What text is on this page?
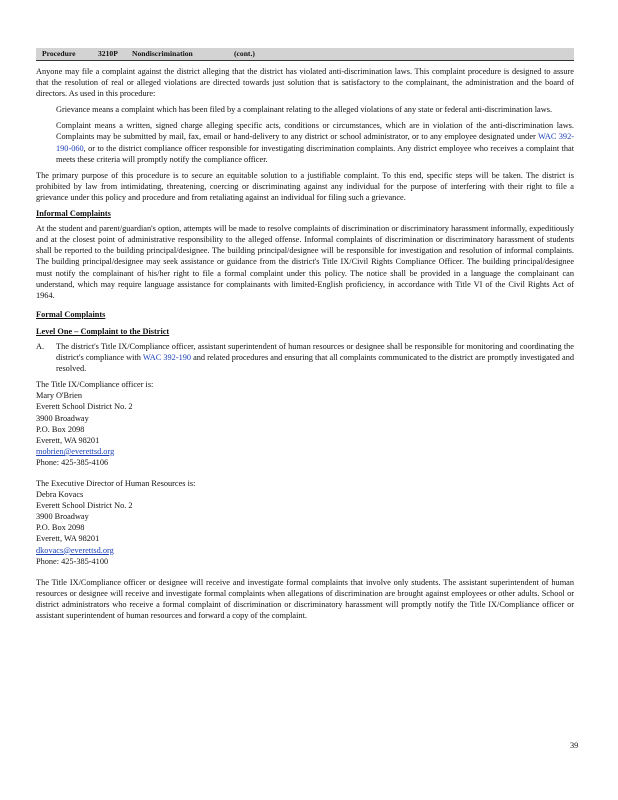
Procedure	3210P Nondiscrimination	(cont.)

Anyone may file a complaint against the district alleging that the district has violated anti-discrimination laws. This complaint procedure is designed to assure that the resolution of real or alleged violations are directed towards just solution that is satisfactory to the complainant, the administration and the board of directors. As used in this procedure:

Grievance means a complaint which has been filed by a complainant relating to the alleged violations of any state or federal anti-discrimination laws.
Complaint means a written, signed charge alleging specific acts, conditions or circumstances, which are in violation of the anti-discrimination laws. Complaints may be submitted by mail, fax, email or hand-delivery to any district or school administrator, or to any employee designated under WAC 392-190-060, or to the district compliance officer responsible for investigating discrimination complaints. Any district employee who receives a complaint that meets these criteria will promptly notify the compliance officer.

The primary purpose of this procedure is to secure an equitable solution to a justifiable complaint. To this end, specific steps will be taken. The district is prohibited by law from intimidating, threatening, coercing or discriminating against any individual for the purpose of interfering with their right to file a grievance under this policy and procedure and from retaliating against an individual for filing such a grievance.

Informal Complaints

At the student and parent/guardian's option, attempts will be made to resolve complaints of discrimination or discriminatory harassment informally, expeditiously and at the closest point of administrative responsibility to the alleged offense. Informal complaints of discrimination or discriminatory harassment of students shall be reported to the building principal/designee. The building principal/designee will be responsible for investigation and resolution of informal complaints. The building principal/designee may seek assistance or guidance from the district's Title IX/Civil Rights Compliance Officer. The building principal/designee must notify the complainant of his/her right to file a formal complaint under this policy. The notice shall be provided in a language the complainant can understand, which may require language assistance for complainants with limited-English proficiency, in accordance with Title VI of the Civil Rights Act of 1964.

Formal Complaints
Level One – Complaint to the District
A. The district's Title IX/Compliance officer, assistant superintendent of human resources or designee shall be responsible for monitoring and coordinating the district's compliance with WAC 392-190 and related procedures and ensuring that all complaints communicated to the district are promptly investigated and resolved.
The Title IX/Compliance officer is:
Mary O'Brien
Everett School District No. 2
3900 Broadway
P.O. Box 2098
Everett, WA 98201
mobrien@everettsd.org
Phone: 425-385-4106
The Executive Director of Human Resources is:
Debra Kovacs
Everett School District No. 2
3900 Broadway
P.O. Box 2098
Everett, WA 98201
dkovacs@everettsd.org
Phone: 425-385-4100

The Title IX/Compliance officer or designee will receive and investigate formal complaints that involve only students. The assistant superintendent of human resources or designee will receive and investigate formal complaints when allegations of discrimination are brought against employees or other adults. School or district administrators who receive a formal complaint of discrimination or discriminatory harassment will promptly notify the Title IX/Compliance officer or assistant superintendent of human resources and forward a copy of the complaint.

39
